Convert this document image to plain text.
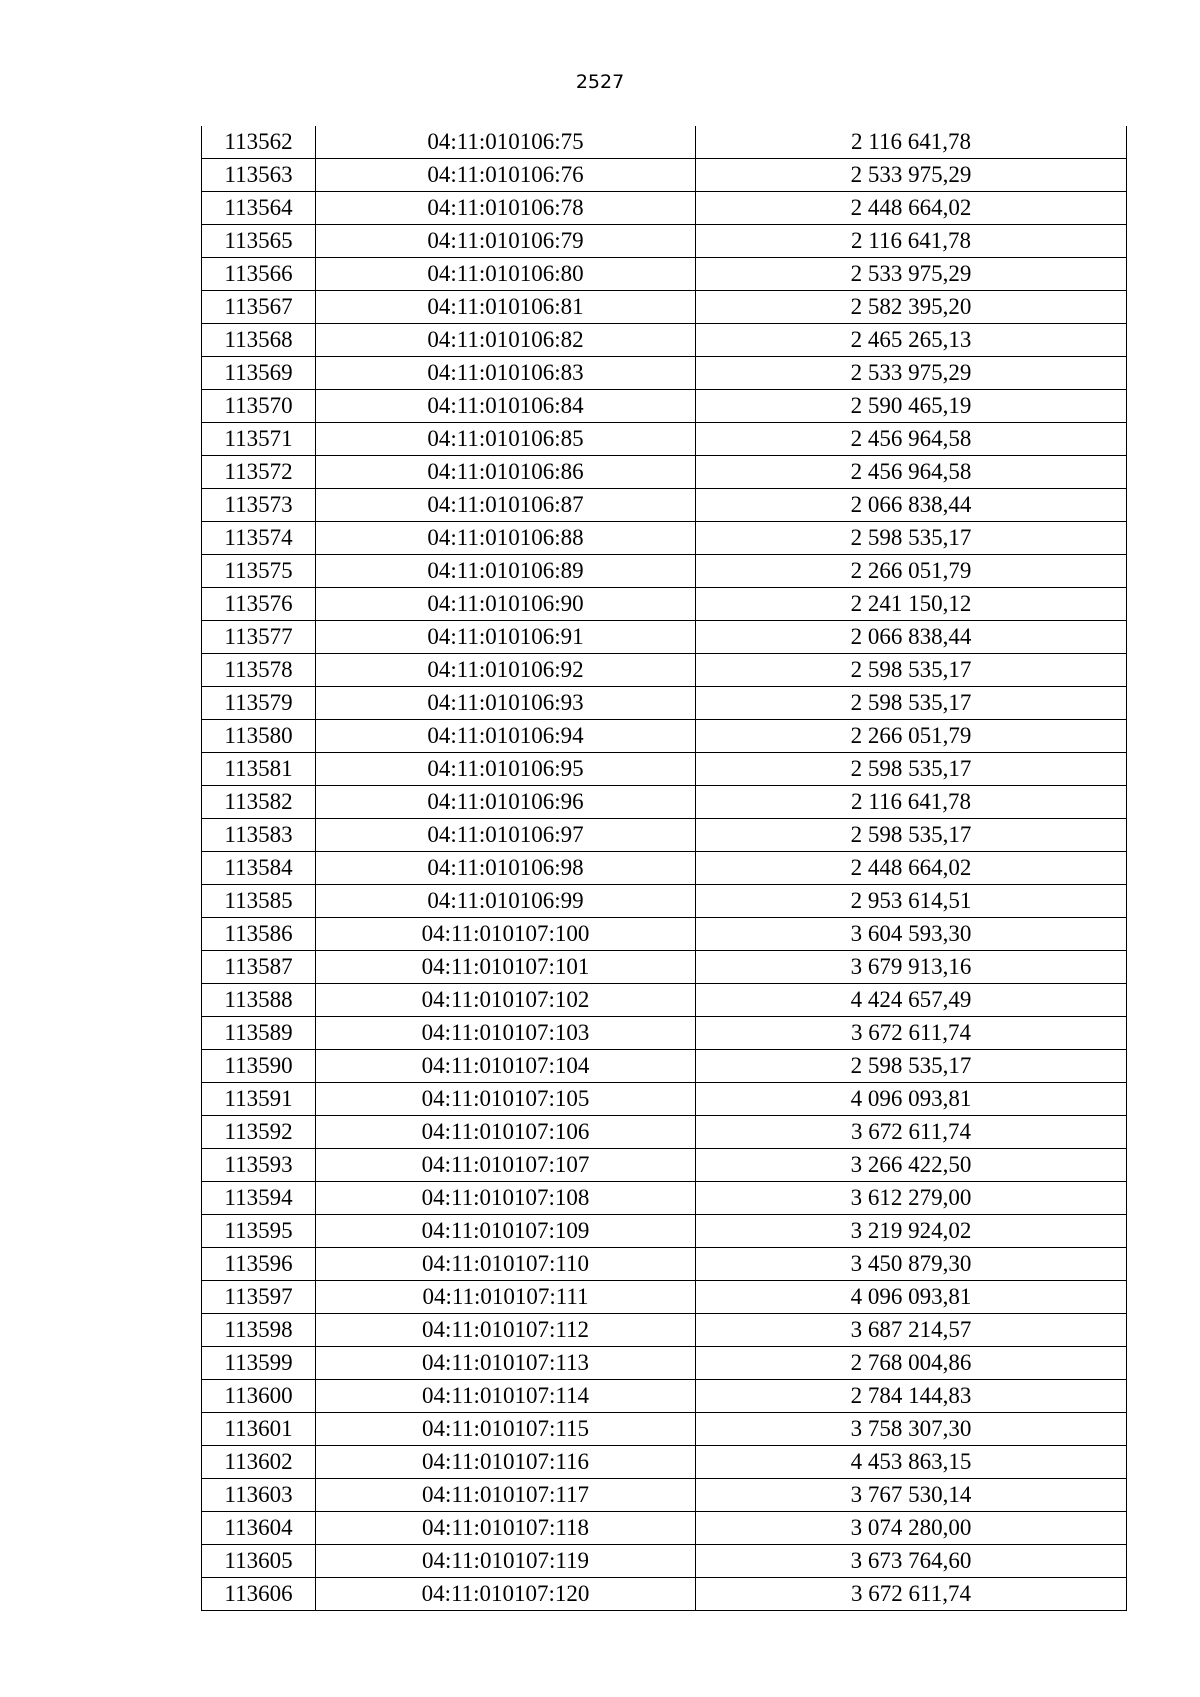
2527
113562	04:11:010106:75	2 116 641,78
113563	04:11:010106:76	2 533 975,29
113564	04:11:010106:78	2 448 664,02
113565	04:11:010106:79	2 116 641,78
113566	04:11:010106:80	2 533 975,29
113567	04:11:010106:81	2 582 395,20
113568	04:11:010106:82	2 465 265,13
113569	04:11:010106:83	2 533 975,29
113570	04:11:010106:84	2 590 465,19
113571	04:11:010106:85	2 456 964,58
113572	04:11:010106:86	2 456 964,58
113573	04:11:010106:87	2 066 838,44
113574	04:11:010106:88	2 598 535,17
113575	04:11:010106:89	2 266 051,79
113576	04:11:010106:90	2 241 150,12
113577	04:11:010106:91	2 066 838,44
113578	04:11:010106:92	2 598 535,17
113579	04:11:010106:93	2 598 535,17
113580	04:11:010106:94	2 266 051,79
113581	04:11:010106:95	2 598 535,17
113582	04:11:010106:96	2 116 641,78
113583	04:11:010106:97	2 598 535,17
113584	04:11:010106:98	2 448 664,02
113585	04:11:010106:99	2 953 614,51
113586	04:11:010107:100	3 604 593,30
113587	04:11:010107:101	3 679 913,16
113588	04:11:010107:102	4 424 657,49
113589	04:11:010107:103	3 672 611,74
113590	04:11:010107:104	2 598 535,17
113591	04:11:010107:105	4 096 093,81
113592	04:11:010107:106	3 672 611,74
113593	04:11:010107:107	3 266 422,50
113594	04:11:010107:108	3 612 279,00
113595	04:11:010107:109	3 219 924,02
113596	04:11:010107:110	3 450 879,30
113597	04:11:010107:111	4 096 093,81
113598	04:11:010107:112	3 687 214,57
113599	04:11:010107:113	2 768 004,86
113600	04:11:010107:114	2 784 144,83
113601	04:11:010107:115	3 758 307,30
113602	04:11:010107:116	4 453 863,15
113603	04:11:010107:117	3 767 530,14
113604	04:11:010107:118	3 074 280,00
113605	04:11:010107:119	3 673 764,60
113606	04:11:010107:120	3 672 611,74
